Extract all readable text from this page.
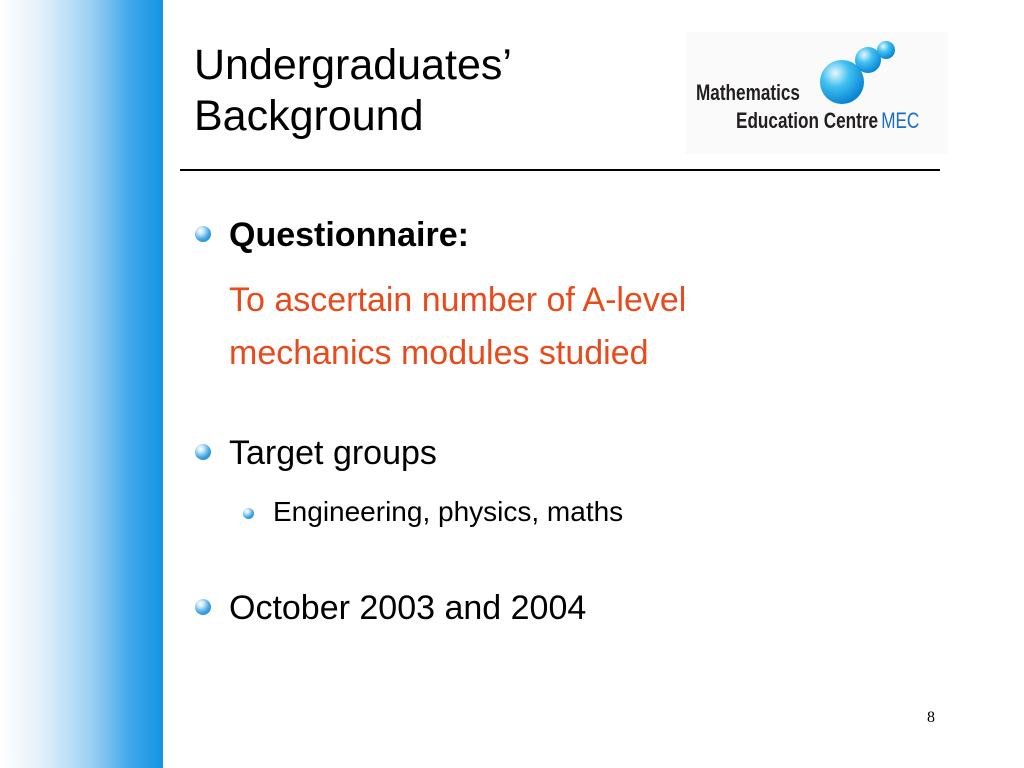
Undergraduates’
Background	Mathematics
Education Centre MEC
Questionnaire:
To ascertain number of A-level
mechanics modules studied
Target groups
Engineering, physics, maths
October 2003 and 2004
8
